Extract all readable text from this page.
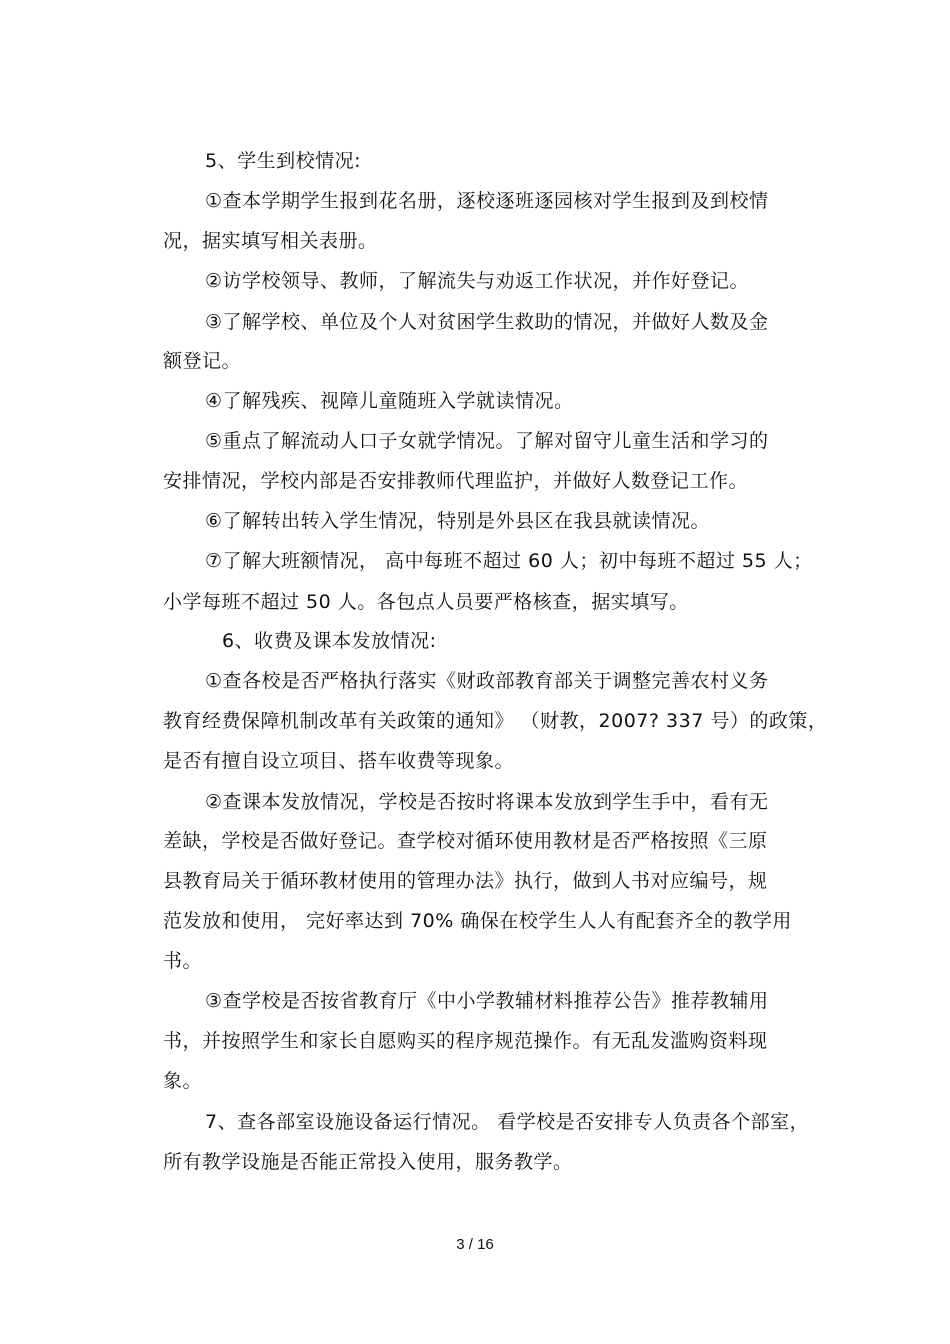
5、学生到校情况:
①查本学期学生报到花名册，逐校逐班逐园核对学生报到及到校情
况，据实填写相关表册。
②访学校领导、教师，了解流失与劝返工作状况，并作好登记。
③了解学校、单位及个人对贫困学生救助的情况，并做好人数及金
额登记。
④了解残疾、视障儿童随班入学就读情况。
⑤重点了解流动人口子女就学情况。了解对留守儿童生活和学习的
安排情况，学校内部是否安排教师代理监护，并做好人数登记工作。
⑥了解转出转入学生情况，特别是外县区在我县就读情况。
⑦了解大班额情况， 高中每班不超过 60 人；初中每班不超过 55 人；
小学每班不超过 50 人。各包点人员要严格核查，据实填写。
6、收费及课本发放情况:
①查各校是否严格执行落实《财政部教育部关于调整完善农村义务
教育经费保障机制改革有关政策的通知》 （财教，2007? 337 号）的政策，
是否有擅自设立项目、搭车收费等现象。
②查课本发放情况，学校是否按时将课本发放到学生手中，看有无
差缺，学校是否做好登记。查学校对循环使用教材是否严格按照《三原
县教育局关于循环教材使用的管理办法》执行，做到人书对应编号，规
范发放和使用， 完好率达到 70% 确保在校学生人人有配套齐全的教学用
书。
③查学校是否按省教育厅《中小学教辅材料推荐公告》推荐教辅用
书，并按照学生和家长自愿购买的程序规范操作。有无乱发滥购资料现
象。
7、查各部室设施设备运行情况。 看学校是否安排专人负责各个部室，
所有教学设施是否能正常投入使用，服务教学。
3 / 16
